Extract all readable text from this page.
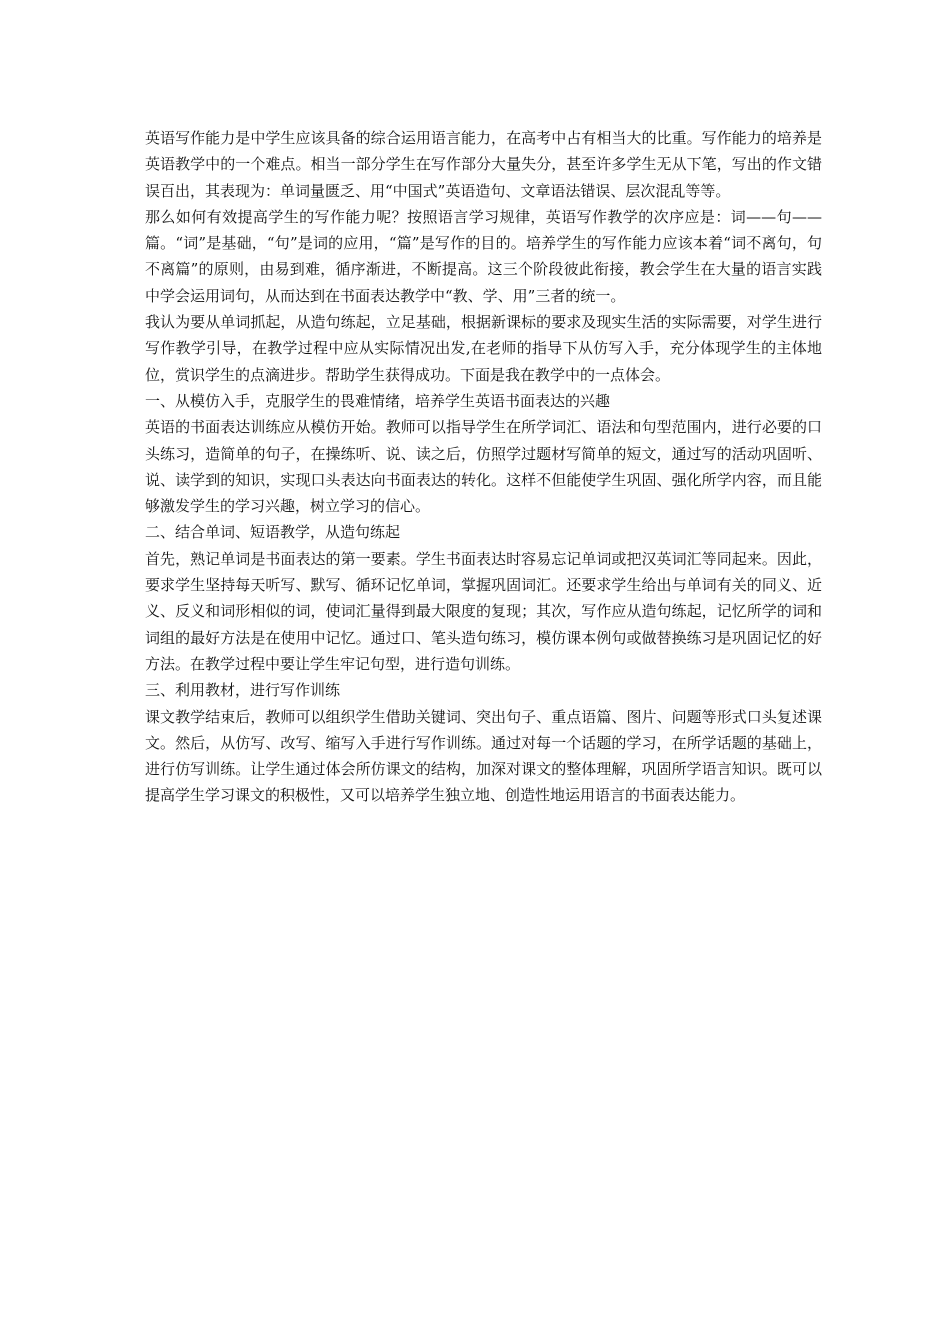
英语写作能力是中学生应该具备的综合运用语言能力，在高考中占有相当大的比重。写作能力的培养是英语教学中的一个难点。相当一部分学生在写作部分大量失分，甚至许多学生无从下笔，写出的作文错误百出，其表现为：单词量匮乏、用“中国式”英语造句、文章语法错误、层次混乱等等。

那么如何有效提高学生的写作能力呢？按照语言学习规律，英语写作教学的次序应是：词——句——篇。“词”是基础，“句”是词的应用，“篇”是写作的目的。培养学生的写作能力应该本着“词不离句，句不离篇”的原则，由易到难，循序渐进，不断提高。这三个阶段彼此衔接，教会学生在大量的语言实践中学会运用词句，从而达到在书面表达教学中“教、学、用”三者的统一。

我认为要从单词抓起，从造句练起，立足基础，根据新课标的要求及现实生活的实际需要，对学生进行写作教学引导，在教学过程中应从实际情况出发,在老师的指导下从仿写入手，充分体现学生的主体地位，赏识学生的点滴进步。帮助学生获得成功。下面是我在教学中的一点体会。

一、从模仿入手，克服学生的畏难情绪，培养学生英语书面表达的兴趣

英语的书面表达训练应从模仿开始。教师可以指导学生在所学词汇、语法和句型范围内，进行必要的口头练习，造简单的句子，在操练听、说、读之后，仿照学过题材写简单的短文，通过写的活动巩固听、说、读学到的知识，实现口头表达向书面表达的转化。这样不但能使学生巩固、强化所学内容，而且能够激发学生的学习兴趣，树立学习的信心。

二、结合单词、短语教学，从造句练起

首先，熟记单词是书面表达的第一要素。学生书面表达时容易忘记单词或把汉英词汇等同起来。因此，要求学生坚持每天听写、默写、循环记忆单词，掌握巩固词汇。还要求学生给出与单词有关的同义、近义、反义和词形相似的词，使词汇量得到最大限度的复现；其次，写作应从造句练起，记忆所学的词和词组的最好方法是在使用中记忆。通过口、笔头造句练习，模仿课本例句或做替换练习是巩固记忆的好方法。在教学过程中要让学生牢记句型，进行造句训练。

三、利用教材，进行写作训练

课文教学结束后，教师可以组织学生借助关键词、突出句子、重点语篇、图片、问题等形式口头复述课文。然后，从仿写、改写、缩写入手进行写作训练。通过对每一个话题的学习，在所学话题的基础上，进行仿写训练。让学生通过体会所仿课文的结构，加深对课文的整体理解，巩固所学语言知识。既可以提高学生学习课文的积极性，又可以培养学生独立地、创造性地运用语言的书面表达能力。
